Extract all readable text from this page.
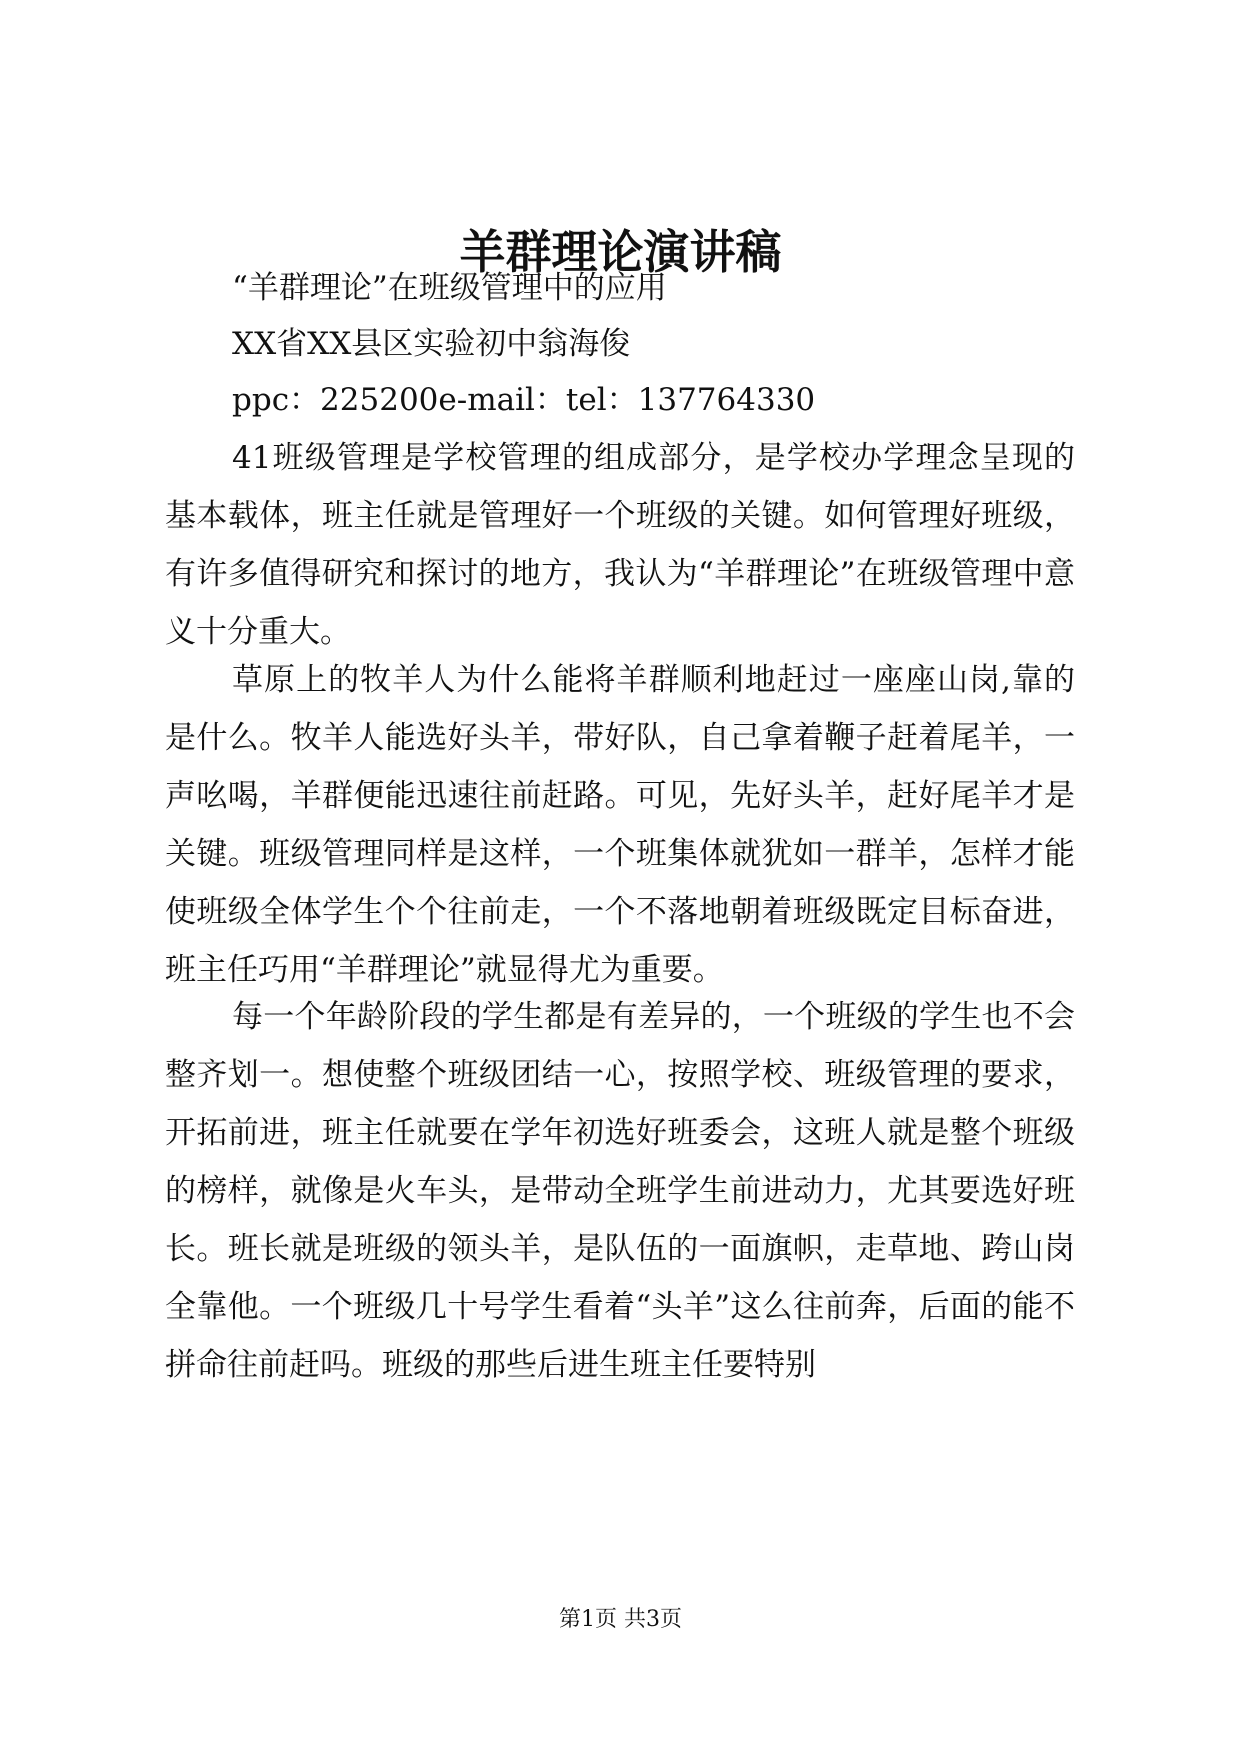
羊群理论演讲稿

“羊群理论”在班级管理中的应用

XX省XX县区实验初中翁海俊

ppc：225200e-mail：tel：137764330

41班级管理是学校管理的组成部分，是学校办学理念呈现的基本载体，班主任就是管理好一个班级的关键。如何管理好班级，有许多值得研究和探讨的地方，我认为“羊群理论”在班级管理中意义十分重大。

草原上的牧羊人为什么能将羊群顺利地赶过一座座山岗,靠的是什么。牧羊人能选好头羊，带好队，自己拿着鞭子赶着尾羊，一声吆喝，羊群便能迅速往前赶路。可见，先好头羊，赶好尾羊才是关键。班级管理同样是这样，一个班集体就犹如一群羊，怎样才能使班级全体学生个个往前走，一个不落地朝着班级既定目标奋进，班主任巧用“羊群理论”就显得尤为重要。

每一个年龄阶段的学生都是有差异的，一个班级的学生也不会整齐划一。想使整个班级团结一心，按照学校、班级管理的要求，开拓前进，班主任就要在学年初选好班委会，这班人就是整个班级的榜样，就像是火车头，是带动全班学生前进动力，尤其要选好班长。班长就是班级的领头羊，是队伍的一面旗帜，走草地、跨山岗全靠他。一个班级几十号学生看着“头羊”这么往前奔，后面的能不拼命往前赶吗。班级的那些后进生班主任要特别

第1页 共3页
